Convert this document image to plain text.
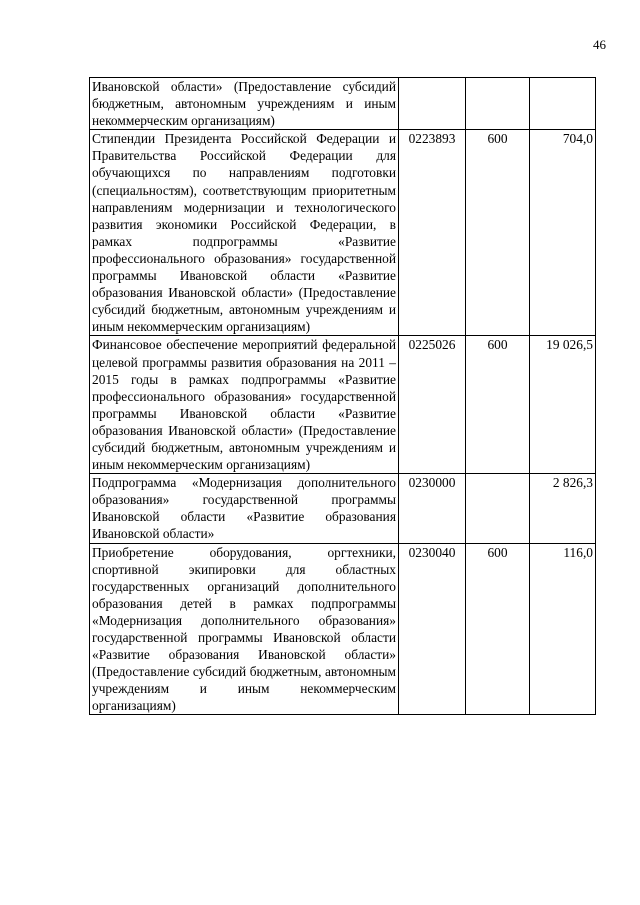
46
Ивановской области» (Предоставление субсидий бюджетным, автономным учреждениям и иным некоммерческим организациям)			
Стипендии Президента Российской Федерации и Правительства Российской Федерации для обучающихся по направлениям подготовки (специальностям), соответствующим приоритетным направлениям модернизации и технологического развития экономики Российской Федерации, в рамках подпрограммы «Развитие профессионального образования» государственной программы Ивановской области «Развитие образования Ивановской области» (Предоставление субсидий бюджетным, автономным учреждениям и иным некоммерческим организациям)	0223893	600	704,0
Финансовое обеспечение мероприятий федеральной целевой программы развития образования на 2011 – 2015 годы в рамках подпрограммы «Развитие профессионального образования» государственной программы Ивановской области «Развитие образования Ивановской области» (Предоставление субсидий бюджетным, автономным учреждениям и иным некоммерческим организациям)	0225026	600	19 026,5
Подпрограмма «Модернизация дополнительного образования» государственной программы Ивановской области «Развитие образования Ивановской области»	0230000		2 826,3
Приобретение оборудования, оргтехники, спортивной экипировки для областных государственных организаций дополнительного образования детей в рамках подпрограммы «Модернизация дополнительного образования» государственной программы Ивановской области «Развитие образования Ивановской области» (Предоставление субсидий бюджетным, автономным учреждениям и иным некоммерческим организациям)	0230040	600	116,0
